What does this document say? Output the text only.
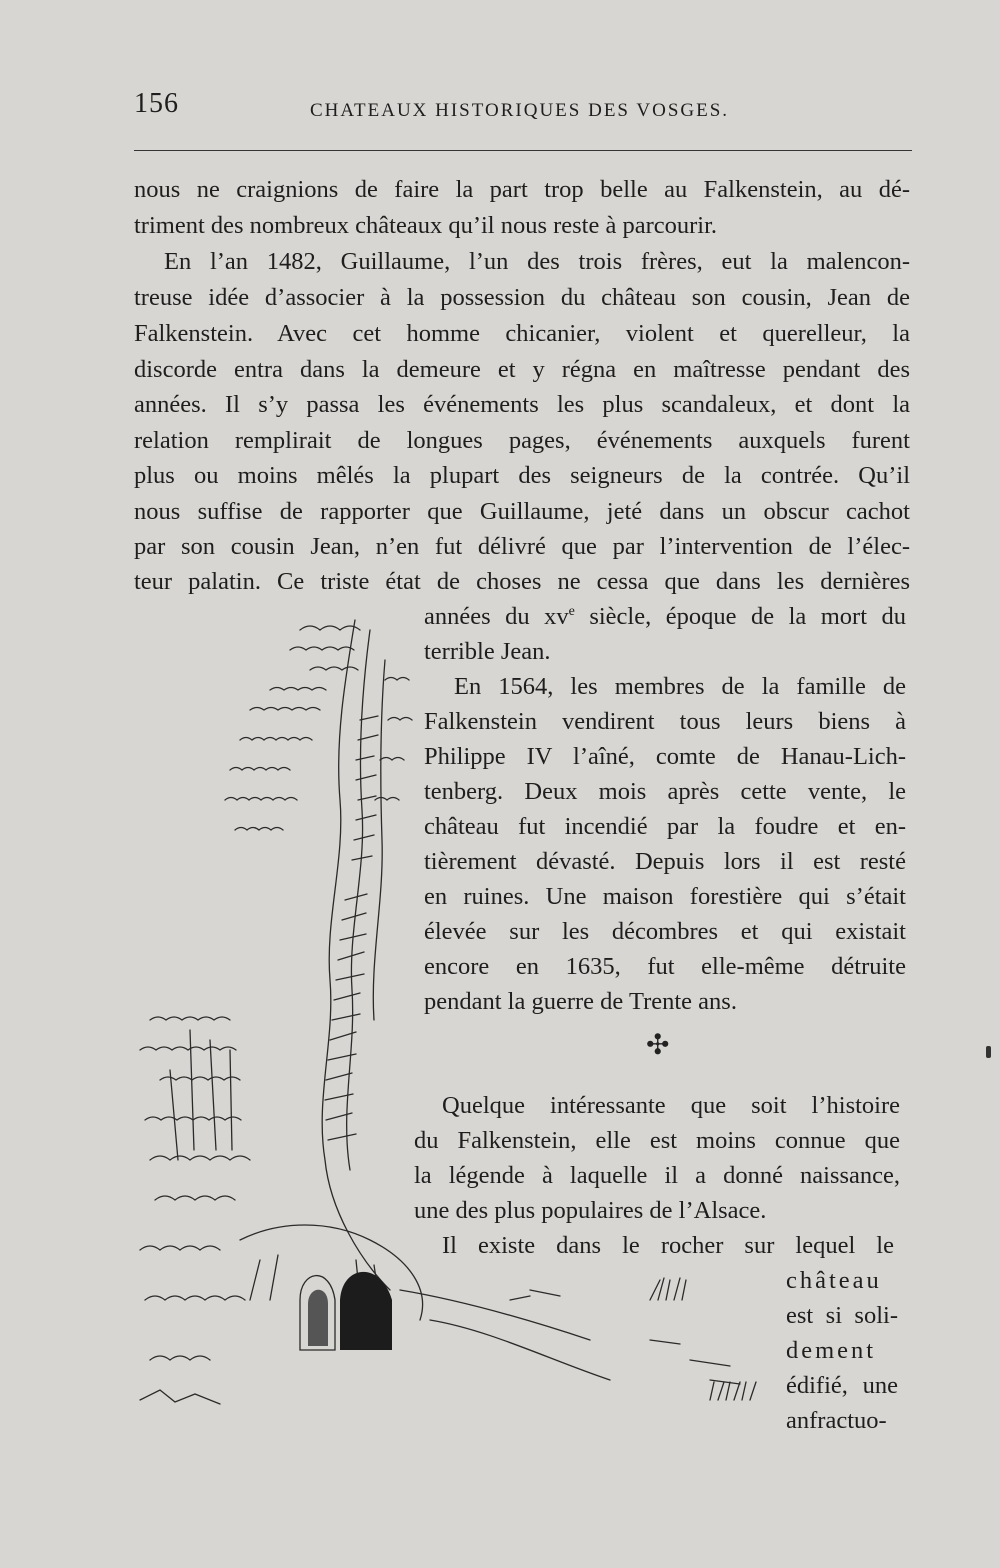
156	CHATEAUX HISTORIQUES DES VOSGES.
nous ne craignions de faire la part trop belle au Falkenstein, au dé-
triment des nombreux châteaux qu’il nous reste à parcourir.
En l’an 1482, Guillaume, l’un des trois frères, eut la malencon-
treuse idée d’associer à la possession du château son cousin, Jean de
Falkenstein. Avec cet homme chicanier, violent et querelleur, la
discorde entra dans la demeure et y régna en maîtresse pendant des
années. Il s’y passa les événements les plus scandaleux, et dont la
relation remplirait de longues pages, événements auxquels furent
plus ou moins mêlés la plupart des seigneurs de la contrée. Qu’il
nous suffise de rapporter que Guillaume, jeté dans un obscur cachot
par son cousin Jean, n’en fut délivré que par l’intervention de l’élec-
teur palatin. Ce triste état de choses ne cessa que dans les dernières
années du $xv^e$ siècle, époque de la mort du
terrible Jean.
En 1564, les membres de la famille de
Falkenstein vendirent tous leurs biens à
Philippe IV l’aîné, comte de Hanau-Lich-
tenberg. Deux mois après cette vente, le
château fut incendié par la foudre et en-
tièrement dévasté. Depuis lors il est resté
en ruines. Une maison forestière qui s’était
élevée sur les décombres et qui existait
encore en 1635, fut elle-même détruite
pendant la guerre de Trente ans.
✣
Quelque intéressante que soit l’histoire
du Falkenstein, elle est moins connue que
la légende à laquelle il a donné naissance,
une des plus populaires de l’Alsace.
Il existe dans le rocher sur lequel le
château
est si soli-
dement
édifié, une
anfractuo-
